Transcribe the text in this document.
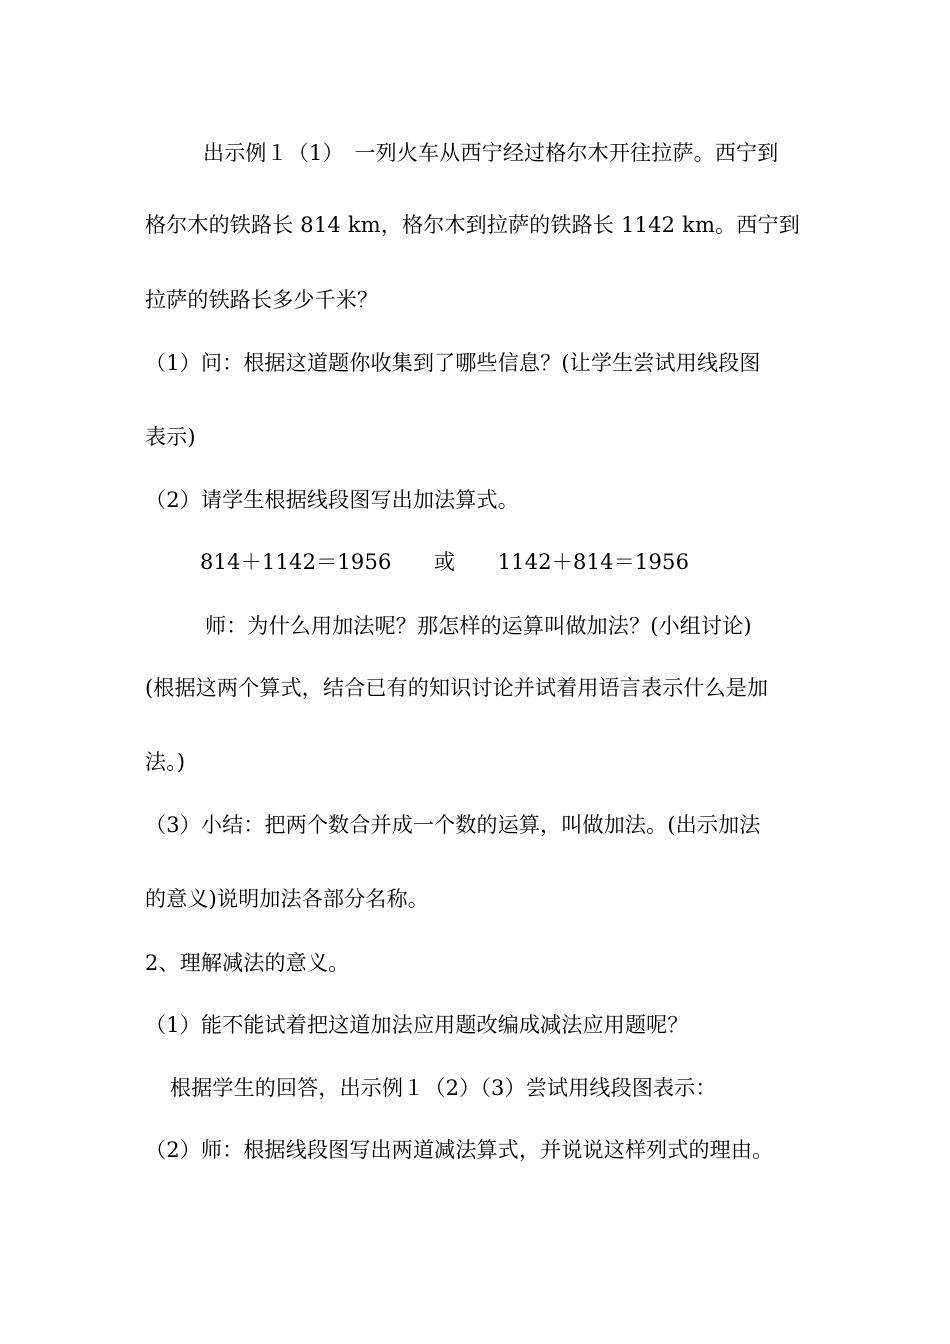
出示例１（1）　一列火车从西宁经过格尔木开往拉萨。西宁到
格尔木的铁路长 814 km，格尔木到拉萨的铁路长 1142 km。西宁到
拉萨的铁路长多少千米？
（1）问：根据这道题你收集到了哪些信息？(让学生尝试用线段图
表示)
（2）请学生根据线段图写出加法算式。
814＋1142＝1956　　或　　1142＋814＝1956
师：为什么用加法呢？那怎样的运算叫做加法？(小组讨论)
(根据这两个算式，结合已有的知识讨论并试着用语言表示什么是加
法。)
（3）小结：把两个数合并成一个数的运算，叫做加法。(出示加法
的意义)说明加法各部分名称。
2、理解减法的意义。
（1）能不能试着把这道加法应用题改编成减法应用题呢？
根据学生的回答，出示例１（2）（3）尝试用线段图表示：
（2）师：根据线段图写出两道减法算式，并说说这样列式的理由。
